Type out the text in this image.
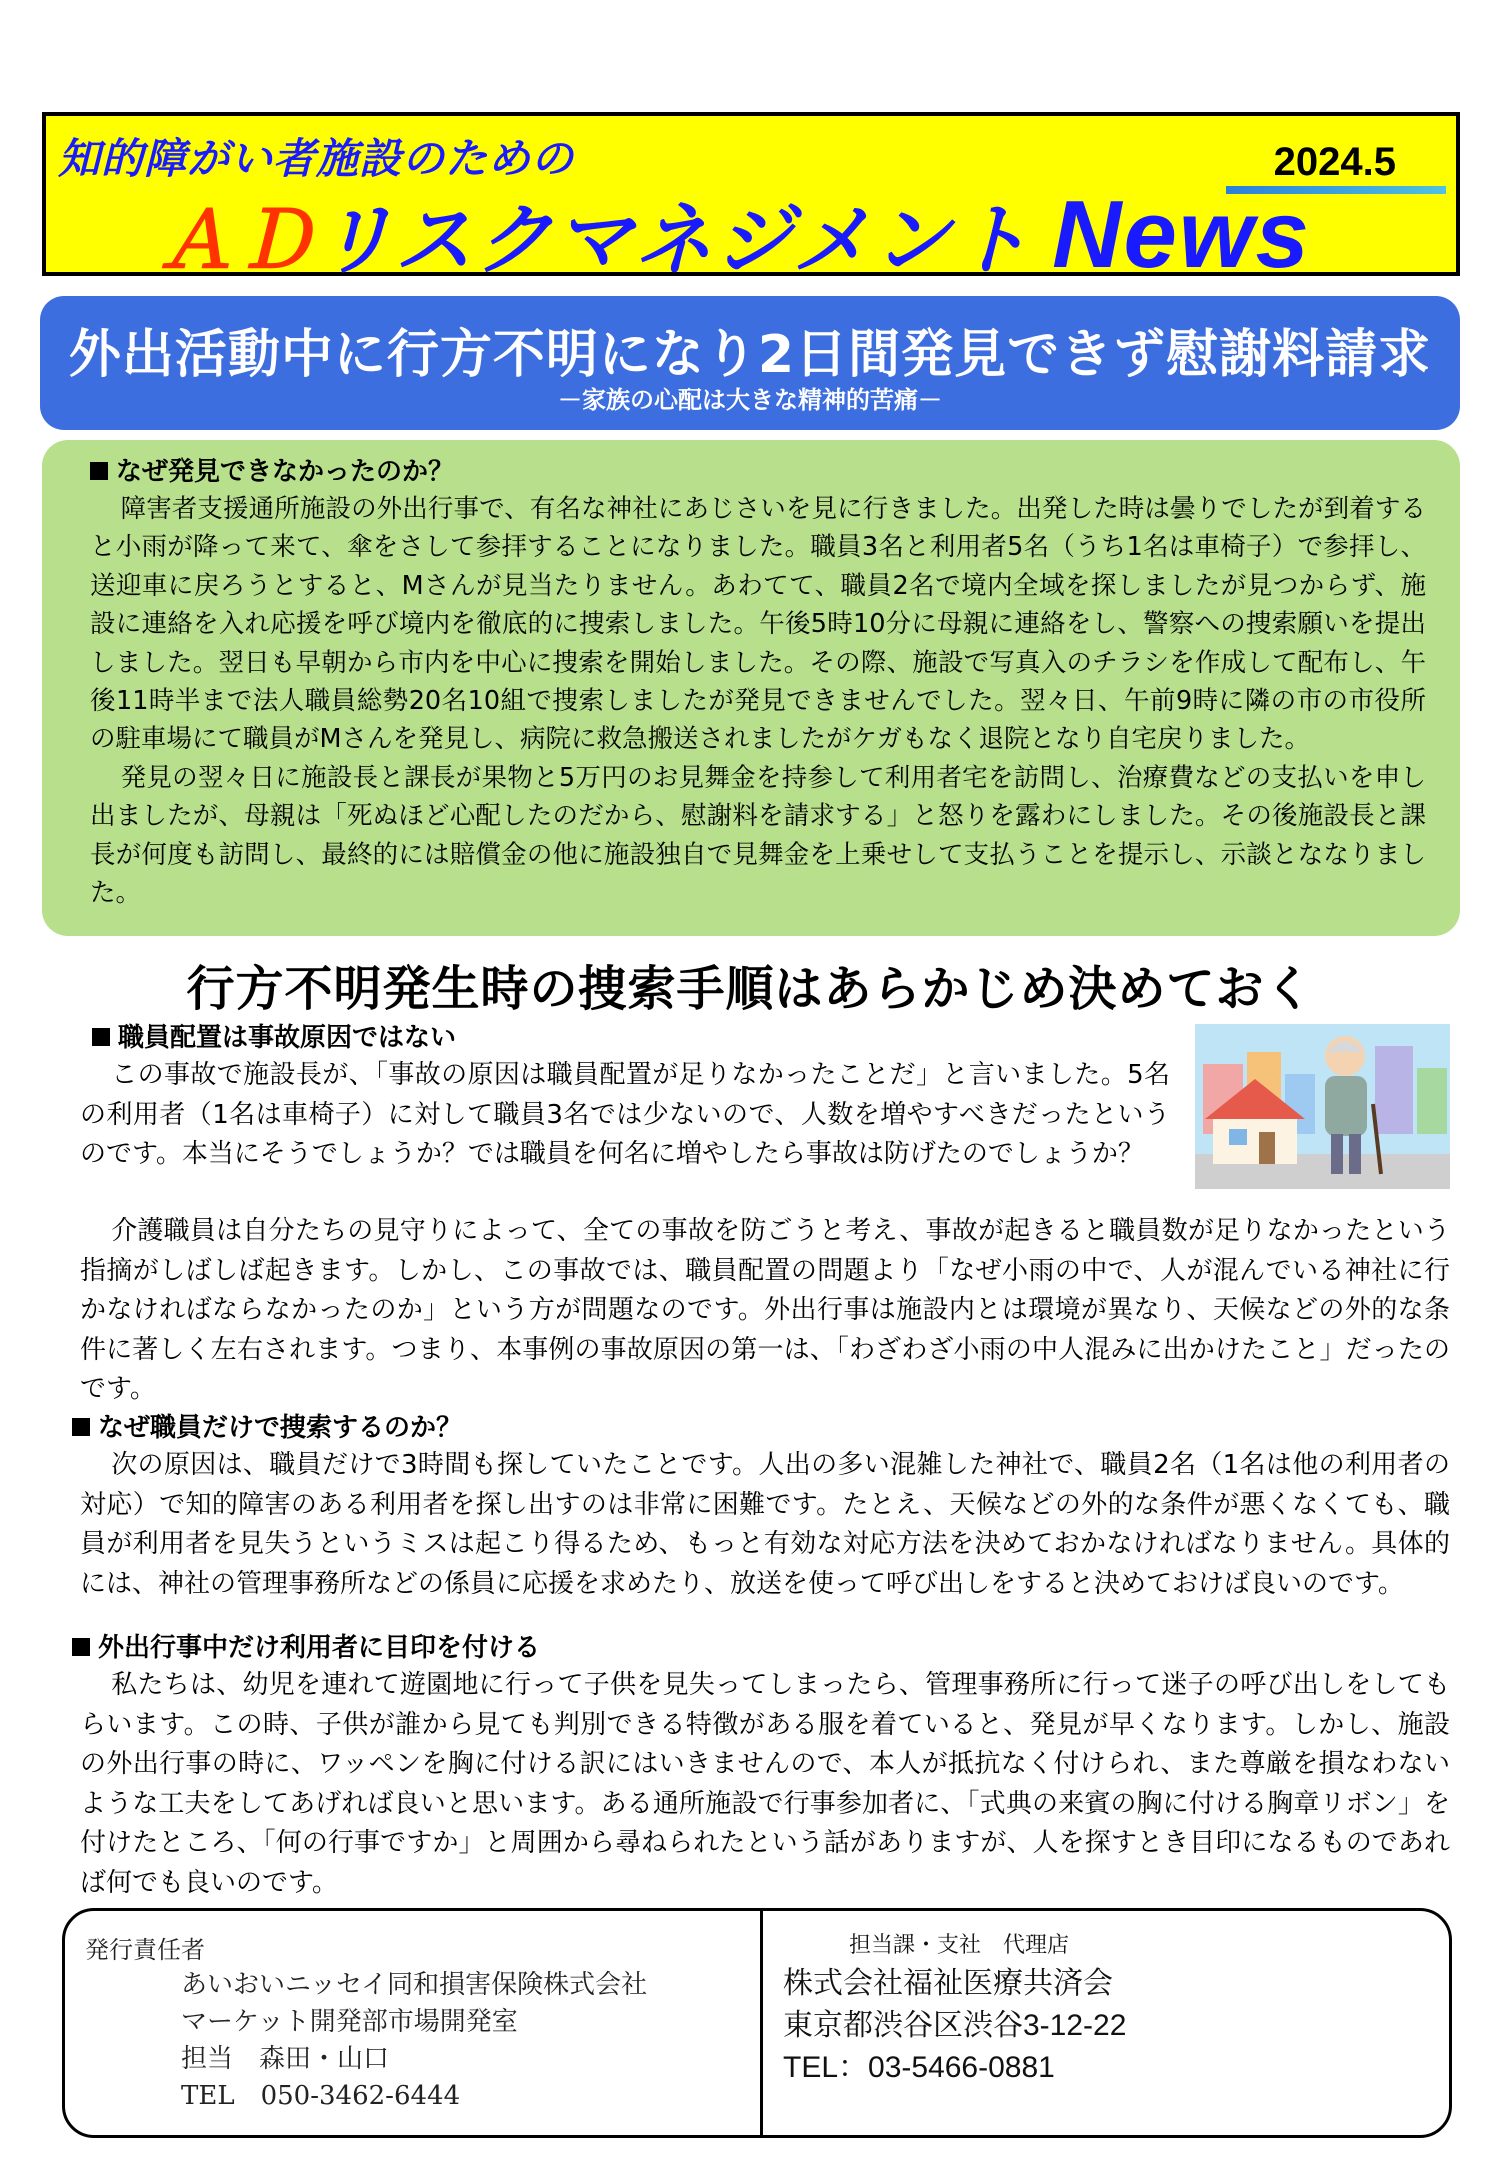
知的障がい者施設のための	2024.5
ＡＤリスクマネジメント News
外出活動中に行方不明になり2日間発見できず慰謝料請求
－家族の心配は大きな精神的苦痛－

なぜ発見できなかったのか？

障害者支援通所施設の外出行事で、有名な神社にあじさいを見に行きました。出発した時は曇りでしたが到着すると小雨が降って来て、傘をさして参拝することになりました。職員3名と利用者5名（うち1名は車椅子）で参拝し、送迎車に戻ろうとすると、Mさんが見当たりません。あわてて、職員2名で境内全域を探しましたが見つからず、施設に連絡を入れ応援を呼び境内を徹底的に捜索しました。午後5時10分に母親に連絡をし、警察への捜索願いを提出しました。翌日も早朝から市内を中心に捜索を開始しました。その際、施設で写真入のチラシを作成して配布し、午後11時半まで法人職員総勢20名10組で捜索しましたが発見できませんでした。翌々日、午前9時に隣の市の市役所の駐車場にて職員がMさんを発見し、病院に救急搬送されましたがケガもなく退院となり自宅戻りました。

発見の翌々日に施設長と課長が果物と5万円のお見舞金を持参して利用者宅を訪問し、治療費などの支払いを申し出ましたが、母親は「死ぬほど心配したのだから、慰謝料を請求する」と怒りを露わにしました。その後施設長と課長が何度も訪問し、最終的には賠償金の他に施設独自で見舞金を上乗せして支払うことを提示し、示談とななりました。

行方不明発生時の捜索手順はあらかじめ決めておく

職員配置は事故原因ではない

この事故で施設長が、「事故の原因は職員配置が足りなかったことだ」と言いました。5名の利用者（1名は車椅子）に対して職員3名では少ないので、人数を増やすべきだったというのです。本当にそうでしょうか？では職員を何名に増やしたら事故は防げたのでしょうか？

介護職員は自分たちの見守りによって、全ての事故を防ごうと考え、事故が起きると職員数が足りなかったという指摘がしばしば起きます。しかし、この事故では、職員配置の問題より「なぜ小雨の中で、人が混んでいる神社に行かなければならなかったのか」という方が問題なのです。外出行事は施設内とは環境が異なり、天候などの外的な条件に著しく左右されます。つまり、本事例の事故原因の第一は、「わざわざ小雨の中人混みに出かけたこと」だったのです。

なぜ職員だけで捜索するのか？

次の原因は、職員だけで3時間も探していたことです。人出の多い混雑した神社で、職員2名（1名は他の利用者の対応）で知的障害のある利用者を探し出すのは非常に困難です。たとえ、天候などの外的な条件が悪くなくても、職員が利用者を見失うというミスは起こり得るため、もっと有効な対応方法を決めておかなければなりません。具体的には、神社の管理事務所などの係員に応援を求めたり、放送を使って呼び出しをすると決めておけば良いのです。

外出行事中だけ利用者に目印を付ける

私たちは、幼児を連れて遊園地に行って子供を見失ってしまったら、管理事務所に行って迷子の呼び出しをしてもらいます。この時、子供が誰から見ても判別できる特徴がある服を着ていると、発見が早くなります。しかし、施設の外出行事の時に、ワッペンを胸に付ける訳にはいきませんので、本人が抵抗なく付けられ、また尊厳を損なわないような工夫をしてあげれば良いと思います。ある通所施設で行事参加者に、「式典の来賓の胸に付ける胸章リボン」を付けたところ、「何の行事ですか」と周囲から尋ねられたという話がありますが、人を探すとき目印になるものであれば何でも良いのです。

発行責任者
あいおいニッセイ同和損害保険株式会社
マーケット開発部市場開発室
担当　森田・山口
TEL　050-3462-6444
担当課・支社　代理店
株式会社福祉医療共済会
東京都渋谷区渋谷3-12-22
TEL：03-5466-0881
